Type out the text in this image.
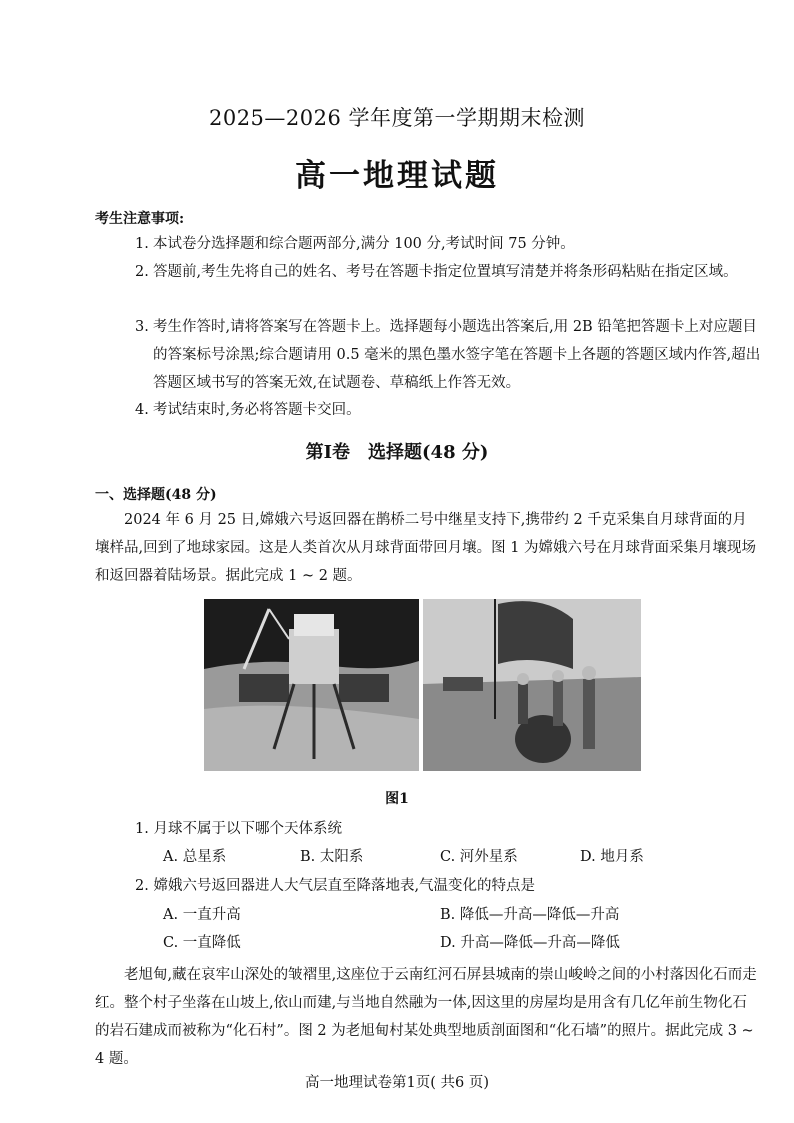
2025—2026 学年度第一学期期末检测
高一地理试题
考生注意事项:
1. 本试卷分选择题和综合题两部分,满分 100 分,考试时间 75 分钟。
2. 答题前,考生先将自己的姓名、考号在答题卡指定位置填写清楚并将条形码粘贴在指定区域。
3. 考生作答时,请将答案写在答题卡上。选择题每小题选出答案后,用 2B 铅笔把答题卡上对应题目的答案标号涂黑;综合题请用 0.5 毫米的黑色墨水签字笔在答题卡上各题的答题区域内作答,超出答题区域书写的答案无效,在试题卷、草稿纸上作答无效。
4. 考试结束时,务必将答题卡交回。
第Ⅰ卷　选择题(48 分)
一、选择题(48 分)
2024 年 6 月 25 日,嫦娥六号返回器在鹊桥二号中继星支持下,携带约 2 千克采集自月球背面的月壤样品,回到了地球家园。这是人类首次从月球背面带回月壤。图 1 为嫦娥六号在月球背面采集月壤现场和返回器着陆场景。据此完成 1 ~ 2 题。
图1
1. 月球不属于以下哪个天体系统
A. 总星系	B. 太阳系	C. 河外星系	D. 地月系
2. 嫦娥六号返回器进人大气层直至降落地表,气温变化的特点是
A. 一直升高	B. 降低—升高—降低—升高
C. 一直降低	D. 升高—降低—升高—降低
老旭甸,藏在哀牢山深处的皱褶里,这座位于云南红河石屏县城南的崇山峻岭之间的小村落因化石而走红。整个村子坐落在山坡上,依山而建,与当地自然融为一体,因这里的房屋均是用含有几亿年前生物化石的岩石建成而被称为“化石村”。图 2 为老旭甸村某处典型地质剖面图和“化石墙”的照片。据此完成 3 ~ 4 题。
高一地理试卷第1页( 共6 页)
